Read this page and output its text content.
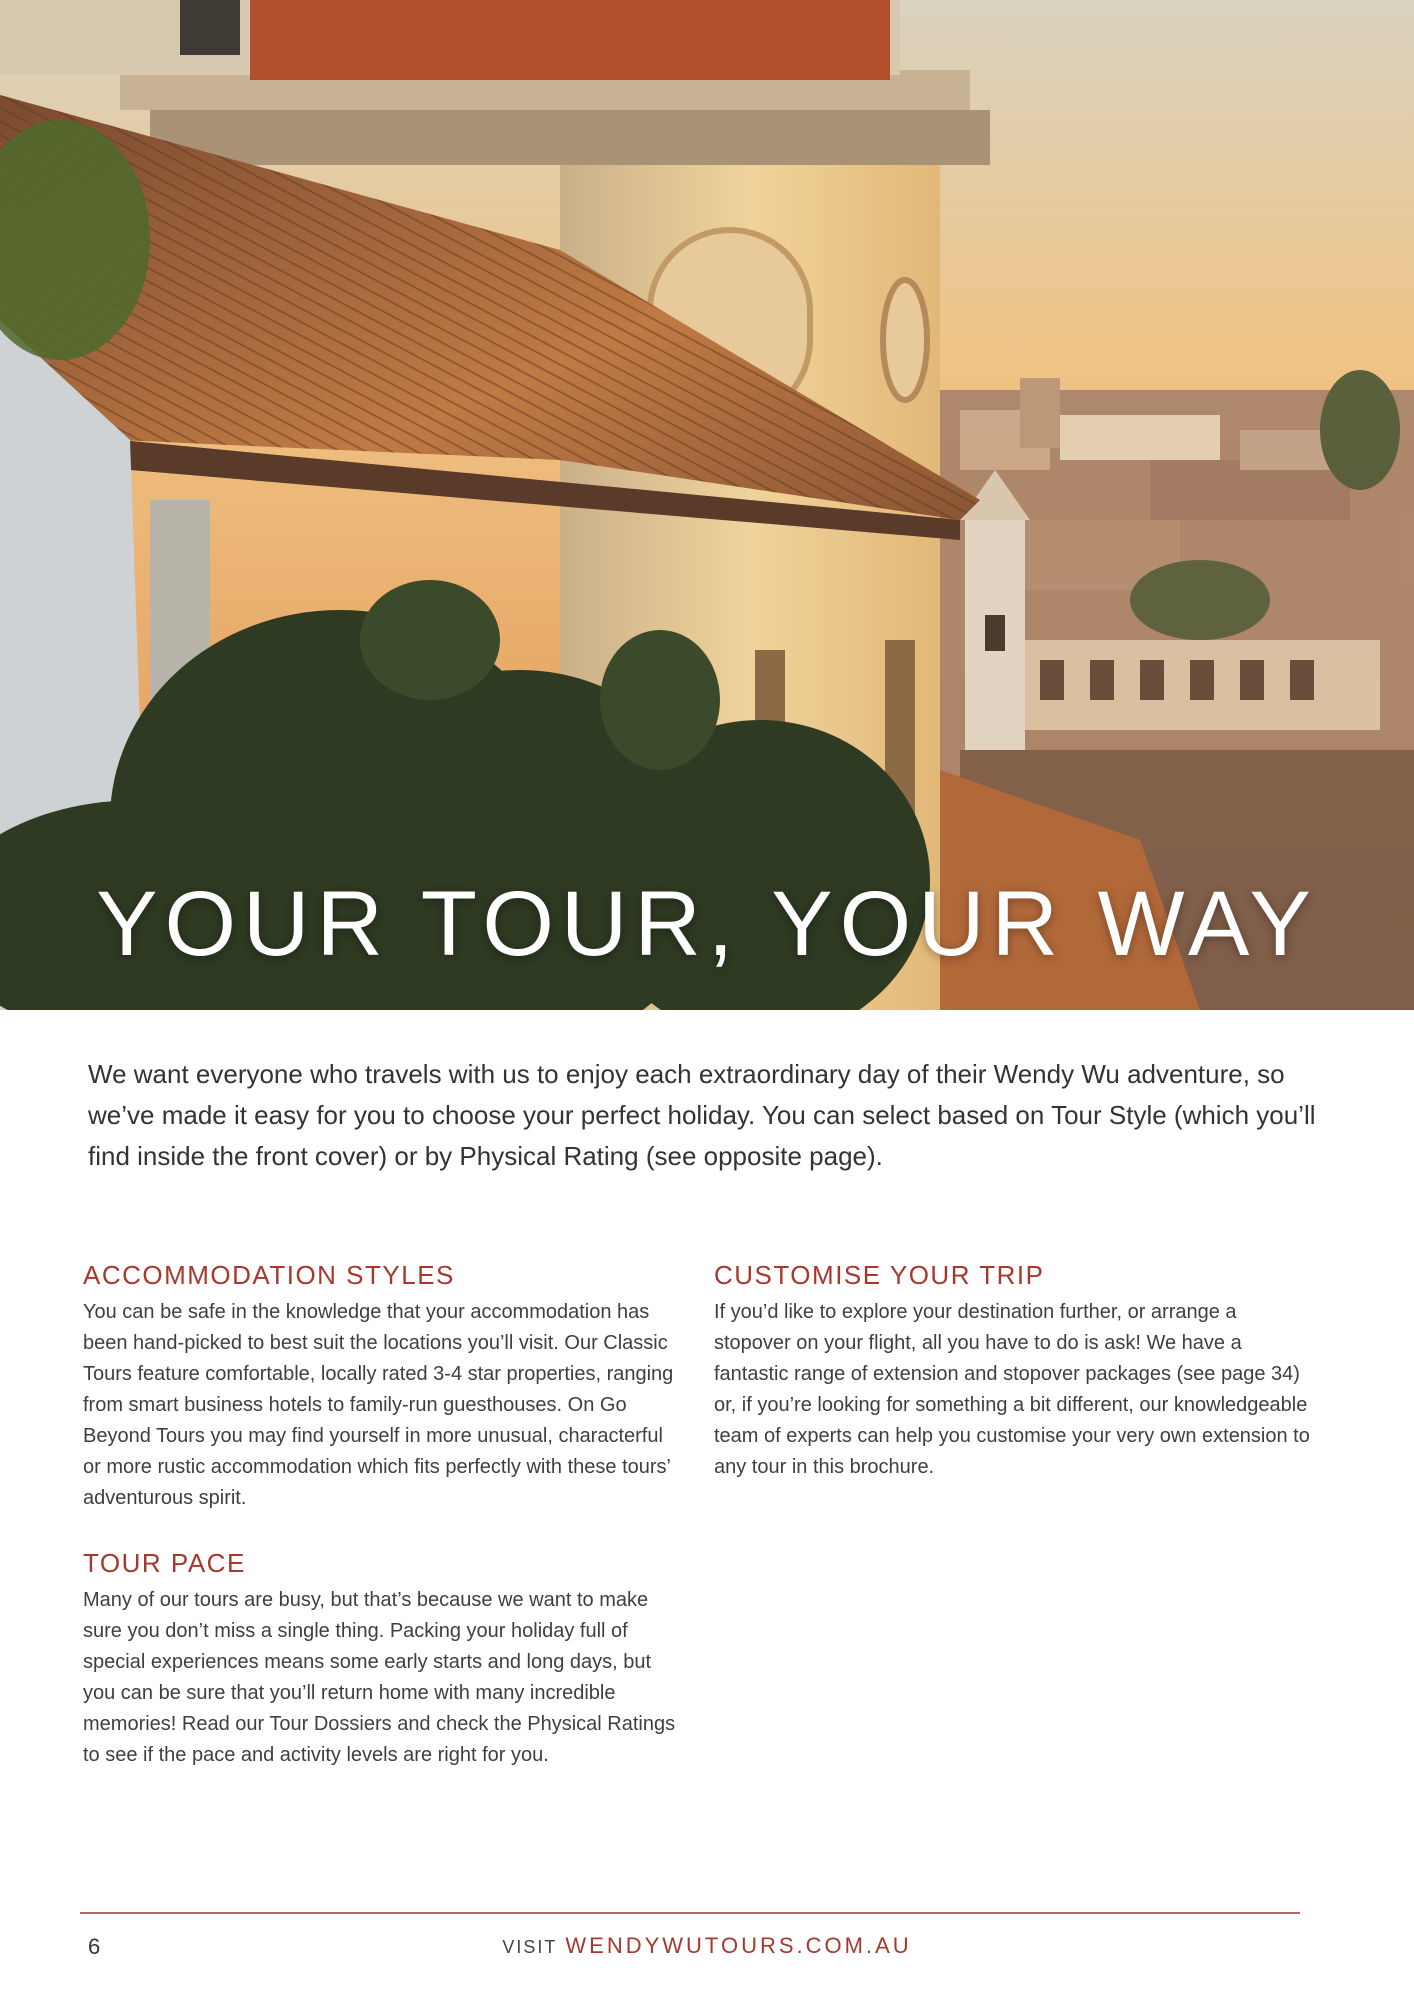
YOUR TOUR, YOUR WAY

We want everyone who travels with us to enjoy each extraordinary day of their Wendy Wu adventure, so we’ve made it easy for you to choose your perfect holiday. You can select based on Tour Style (which you’ll find inside the front cover) or by Physical Rating (see opposite page).

ACCOMMODATION STYLES

You can be safe in the knowledge that your accommodation has been hand-picked to best suit the locations you’ll visit. Our Classic Tours feature comfortable, locally rated 3-4 star properties, ranging from smart business hotels to family-run guesthouses. On Go Beyond Tours you may find yourself in more unusual, characterful or more rustic accommodation which fits perfectly with these tours’ adventurous spirit.

CUSTOMISE YOUR TRIP

If you’d like to explore your destination further, or arrange a stopover on your flight, all you have to do is ask! We have a fantastic range of extension and stopover packages (see page 34) or, if you’re looking for something a bit different, our knowledgeable team of experts can help you customise your very own extension to any tour in this brochure.

TOUR PACE

Many of our tours are busy, but that’s because we want to make sure you don’t miss a single thing. Packing your holiday full of special experiences means some early starts and long days, but you can be sure that you’ll return home with many incredible memories! Read our Tour Dossiers and check the Physical Ratings to see if the pace and activity levels are right for you.

6	VISIT WENDYWUTOURS.COM.AU
